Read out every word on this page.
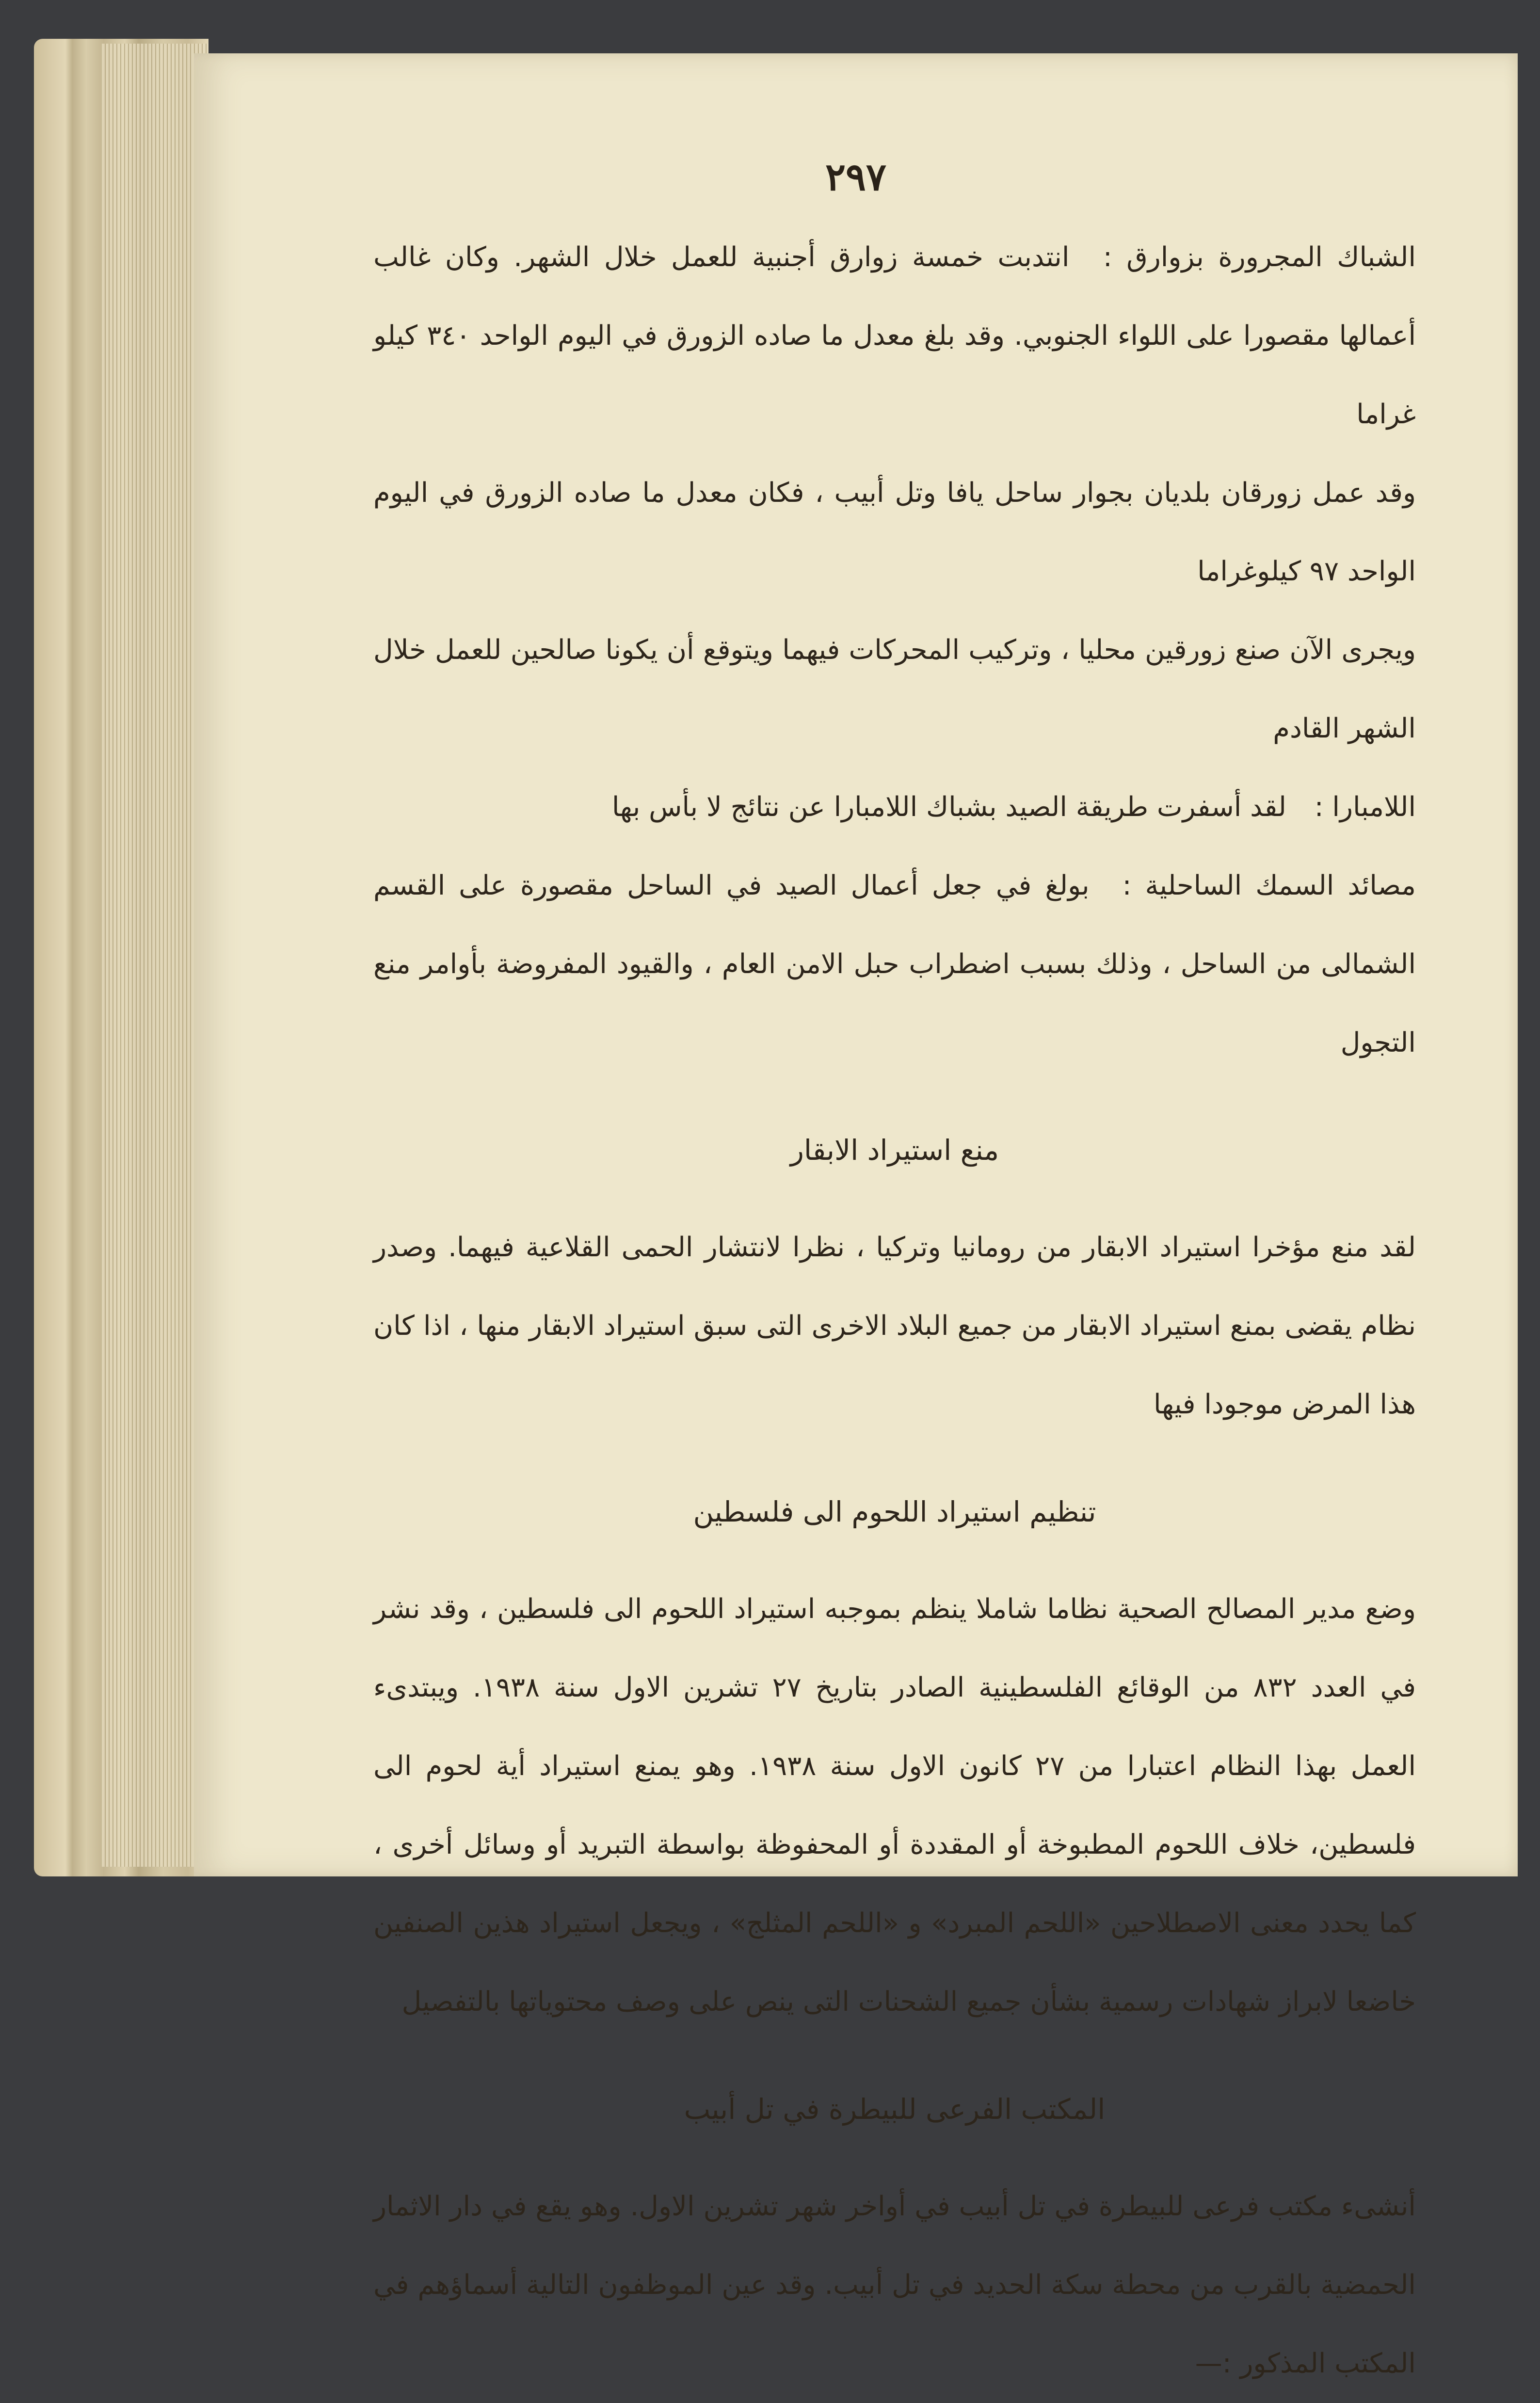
٢٩٧

الشباك المجرورة بزوارق : انتدبت خمسة زوارق أجنبية للعمل خلال الشهر. وكان غالب أعمالها مقصورا على اللواء الجنوبي. وقد بلغ معدل ما صاده الزورق في اليوم الواحد ٣٤٠ كيلو غراما

وقد عمل زورقان بلديان بجوار ساحل يافا وتل أبيب ، فكان معدل ما صاده الزورق في اليوم الواحد ٩٧ كيلوغراما

ويجرى الآن صنع زورقين محليا ، وتركيب المحركات فيهما ويتوقع أن يكونا صالحين للعمل خلال الشهر القادم

اللامبارا : لقد أسفرت طريقة الصيد بشباك اللامبارا عن نتائج لا بأس بها

مصائد السمك الساحلية : بولغ في جعل أعمال الصيد في الساحل مقصورة على القسم الشمالى من الساحل ، وذلك بسبب اضطراب حبل الامن العام ، والقيود المفروضة بأوامر منع التجول

منع استيراد الابقار

لقد منع مؤخرا استيراد الابقار من رومانيا وتركيا ، نظرا لانتشار الحمى القلاعية فيهما. وصدر نظام يقضى بمنع استيراد الابقار من جميع البلاد الاخرى التى سبق استيراد الابقار منها ، اذا كان هذا المرض موجودا فيها

تنظيم استيراد اللحوم الى فلسطين

وضع مدير المصالح الصحية نظاما شاملا ينظم بموجبه استيراد اللحوم الى فلسطين ، وقد نشر في العدد ٨٣٢ من الوقائع الفلسطينية الصادر بتاريخ ٢٧ تشرين الاول سنة ١٩٣٨. ويبتدىء العمل بهذا النظام اعتبارا من ٢٧ كانون الاول سنة ١٩٣٨. وهو يمنع استيراد أية لحوم الى فلسطين، خلاف اللحوم المطبوخة أو المقددة أو المحفوظة بواسطة التبريد أو وسائل أخرى ، كما يحدد معنى الاصطلاحين «اللحم المبرد» و «اللحم المثلج» ، ويجعل استيراد هذين الصنفين خاضعا لابراز شهادات رسمية بشأن جميع الشحنات التى ينص على وصف محتوياتها بالتفصيل

المكتب الفرعى للبيطرة في تل أبيب

أنشىء مكتب فرعى للبيطرة في تل أبيب في أواخر شهر تشرين الاول. وهو يقع في دار الاثمار الحمضية بالقرب من محطة سكة الحديد في تل أبيب. وقد عين الموظفون التالية أسماؤهم في المكتب المذكور :—
